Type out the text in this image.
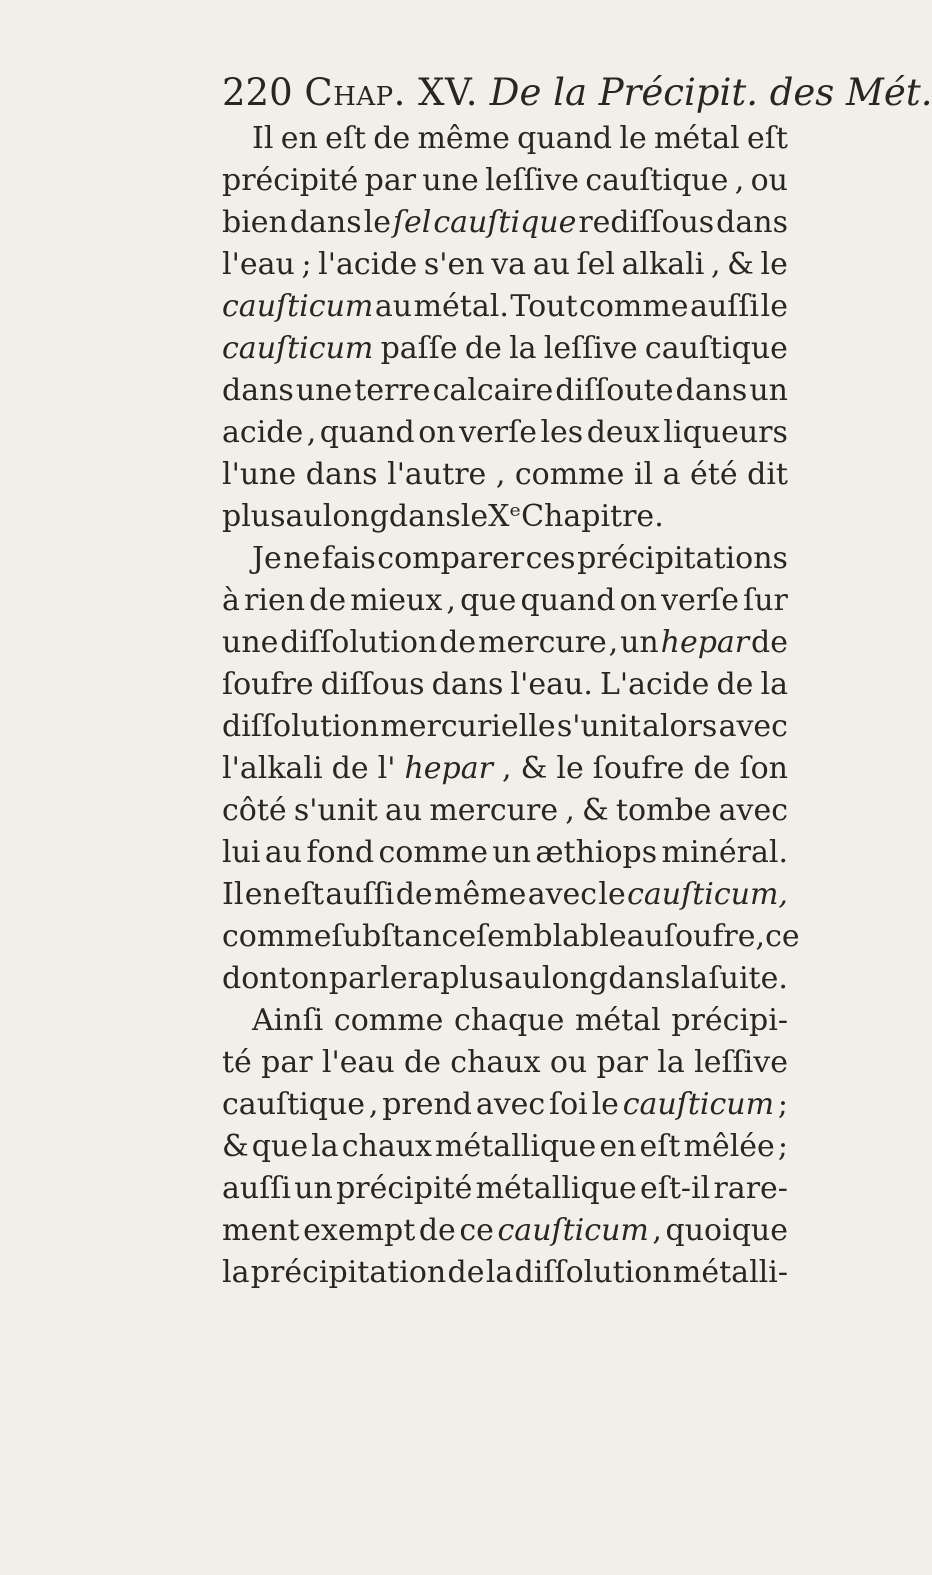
220 Chap. XV. De la Précipit. des Mét.
Il en eſt de même quand le métal eſt
précipité par une leſſive cauſtique , ou
bien dans le ſel cauſtique rediſſous dans
l'eau ; l'acide s'en va au ſel alkali , & le
cauſticum au métal. Tout comme auſſi le
cauſticum paſſe de la leſſive cauſtique
dans une terre calcaire diſſoute dans un
acide , quand on verſe les deux liqueurs
l'une dans l'autre , comme il a été dit
plus au long dans le Xᵉ Chapitre.
Je ne fais comparer ces précipitations
à rien de mieux , que quand on verſe ſur
une diſſolution de mercure , un hepar de
ſoufre diſſous dans l'eau. L'acide de la
diſſolution mercurielle s'unit alors avec
l'alkali de l' hepar , & le ſoufre de ſon
côté s'unit au mercure , & tombe avec
lui au fond comme un æthiops minéral.
Il en eſt auſſi de même avec le cauſticum,
comme ſubſtance ſemblable au ſoufre, ce
dont on parlera plus au long dans la ſuite.
Ainſi comme chaque métal précipi-
té par l'eau de chaux ou par la leſſive
cauſtique , prend avec ſoi le cauſticum ;
& que la chaux métallique en eſt mêlée ;
auſſi un précipité métallique eſt-il rare-
ment exempt de ce cauſticum , quoique
la précipitation de la diſſolution métalli-
